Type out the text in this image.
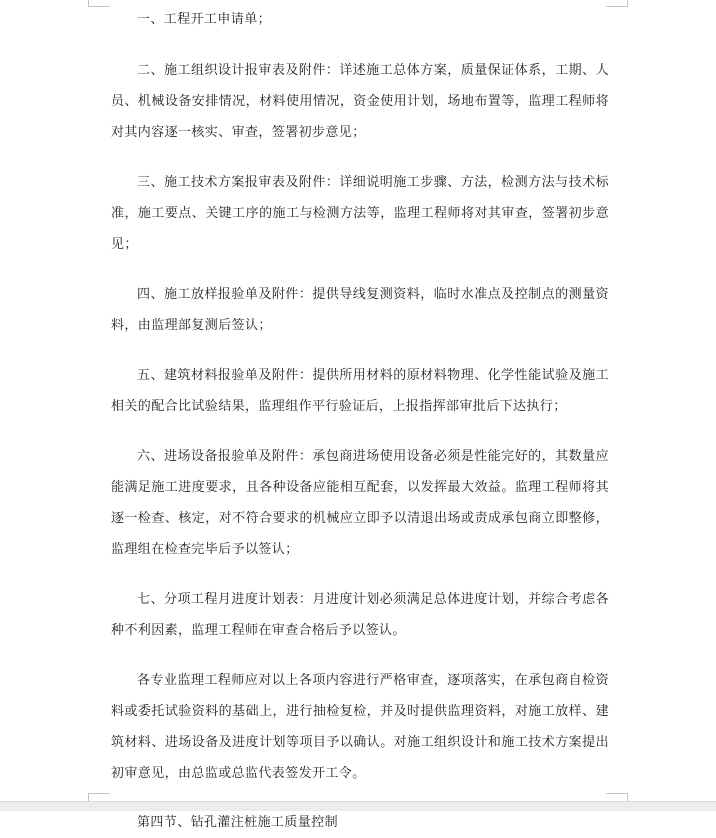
一、工程开工申请单；

二、施工组织设计报审表及附件：详述施工总体方案，质量保证体系，工期、人员、机械设备安排情况，材料使用情况，资金使用计划，场地布置等，监理工程师将对其内容逐一核实、审查，签署初步意见；

三、施工技术方案报审表及附件：详细说明施工步骤、方法，检测方法与技术标准，施工要点、关键工序的施工与检测方法等，监理工程师将对其审查，签署初步意见；

四、施工放样报验单及附件：提供导线复测资料，临时水准点及控制点的测量资料，由监理部复测后签认；

五、建筑材料报验单及附件：提供所用材料的原材料物理、化学性能试验及施工相关的配合比试验结果，监理组作平行验证后，上报指挥部审批后下达执行；

六、进场设备报验单及附件：承包商进场使用设备必须是性能完好的，其数量应能满足施工进度要求，且各种设备应能相互配套，以发挥最大效益。监理工程师将其逐一检查、核定，对不符合要求的机械应立即予以清退出场或责成承包商立即整修，监理组在检查完毕后予以签认；

七、分项工程月进度计划表：月进度计划必须满足总体进度计划，并综合考虑各种不利因素，监理工程师在审查合格后予以签认。

各专业监理工程师应对以上各项内容进行严格审查，逐项落实，在承包商自检资料或委托试验资料的基础上，进行抽检复检，并及时提供监理资料，对施工放样、建筑材料、进场设备及进度计划等项目予以确认。对施工组织设计和施工技术方案提出初审意见，由总监或总监代表签发开工令。

第四节、钻孔灌注桩施工质量控制
